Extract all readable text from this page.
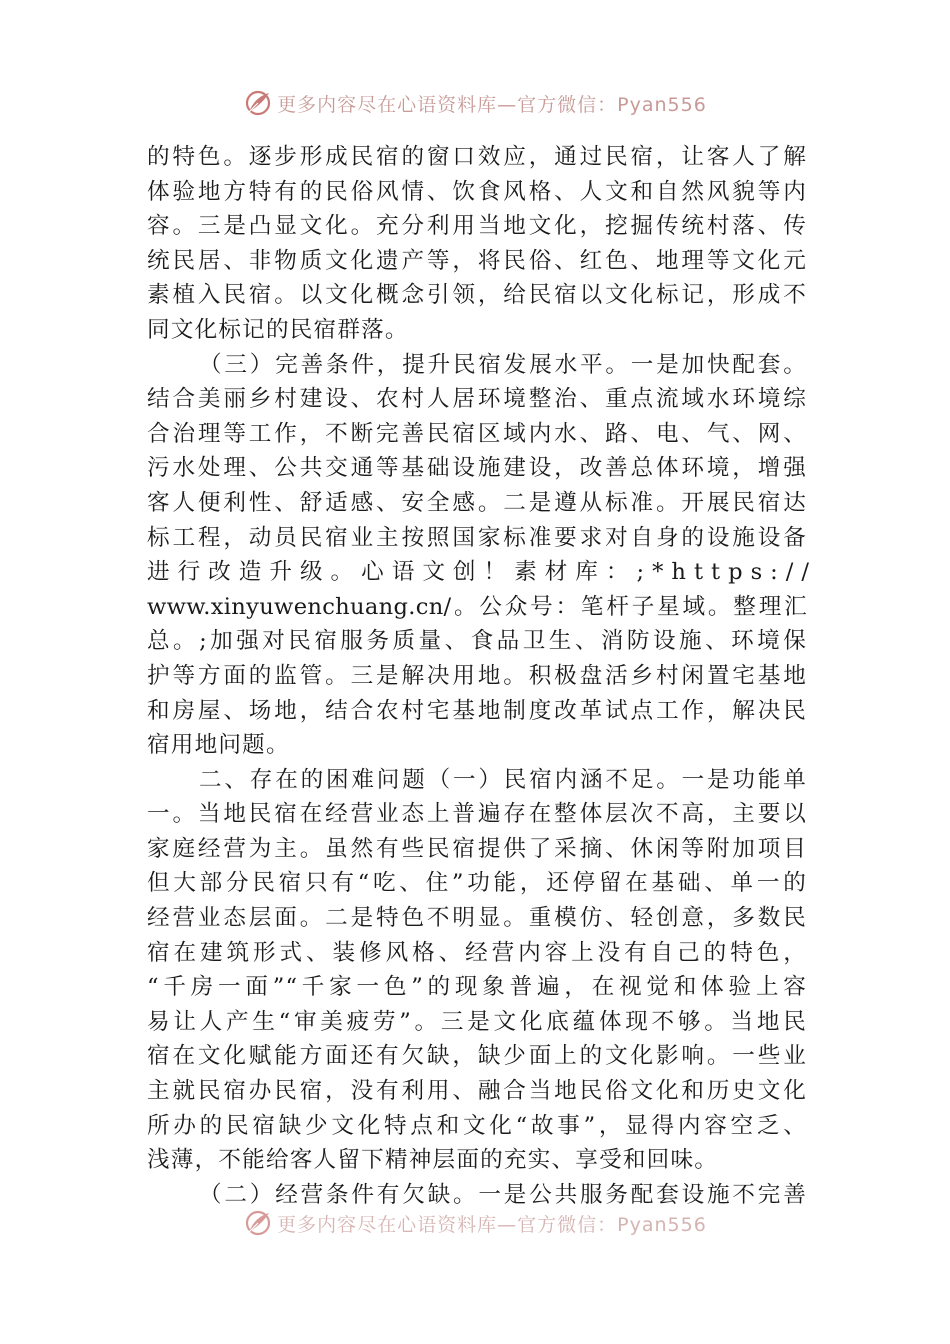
更多内容尽在心语资料库—官方微信：Pyan556
的特色。逐步形成民宿的窗口效应，通过民宿，让客人了解
体验地方特有的民俗风情、饮食风格、人文和自然风貌等内
容。三是凸显文化。充分利用当地文化，挖掘传统村落、传
统民居、非物质文化遗产等，将民俗、红色、地理等文化元
素植入民宿。以文化概念引领，给民宿以文化标记，形成不
同文化标记的民宿群落。
（三）完善条件，提升民宿发展水平。一是加快配套。
结合美丽乡村建设、农村人居环境整治、重点流域水环境综
合治理等工作，不断完善民宿区域内水、路、电、气、网、
污水处理、公共交通等基础设施建设，改善总体环境，增强
客人便利性、舒适感、安全感。二是遵从标准。开展民宿达
标工程，动员民宿业主按照国家标准要求对自身的设施设备
进行改造升级。心语文创！素材库：;*https://
www.xinyuwenchuang.cn/。公众号：笔杆子星域。整理汇
总。;加强对民宿服务质量、食品卫生、消防设施、环境保
护等方面的监管。三是解决用地。积极盘活乡村闲置宅基地
和房屋、场地，结合农村宅基地制度改革试点工作，解决民
宿用地问题。
二、存在的困难问题（一）民宿内涵不足。一是功能单
一。当地民宿在经营业态上普遍存在整体层次不高，主要以
家庭经营为主。虽然有些民宿提供了采摘、休闲等附加项目
但大部分民宿只有“吃、住”功能，还停留在基础、单一的
经营业态层面。二是特色不明显。重模仿、轻创意，多数民
宿在建筑形式、装修风格、经营内容上没有自己的特色，
“千房一面”“千家一色”的现象普遍，在视觉和体验上容
易让人产生“审美疲劳”。三是文化底蕴体现不够。当地民
宿在文化赋能方面还有欠缺，缺少面上的文化影响。一些业
主就民宿办民宿，没有利用、融合当地民俗文化和历史文化
所办的民宿缺少文化特点和文化“故事”，显得内容空乏、
浅薄，不能给客人留下精神层面的充实、享受和回味。
（二）经营条件有欠缺。一是公共服务配套设施不完善
更多内容尽在心语资料库—官方微信：Pyan556
